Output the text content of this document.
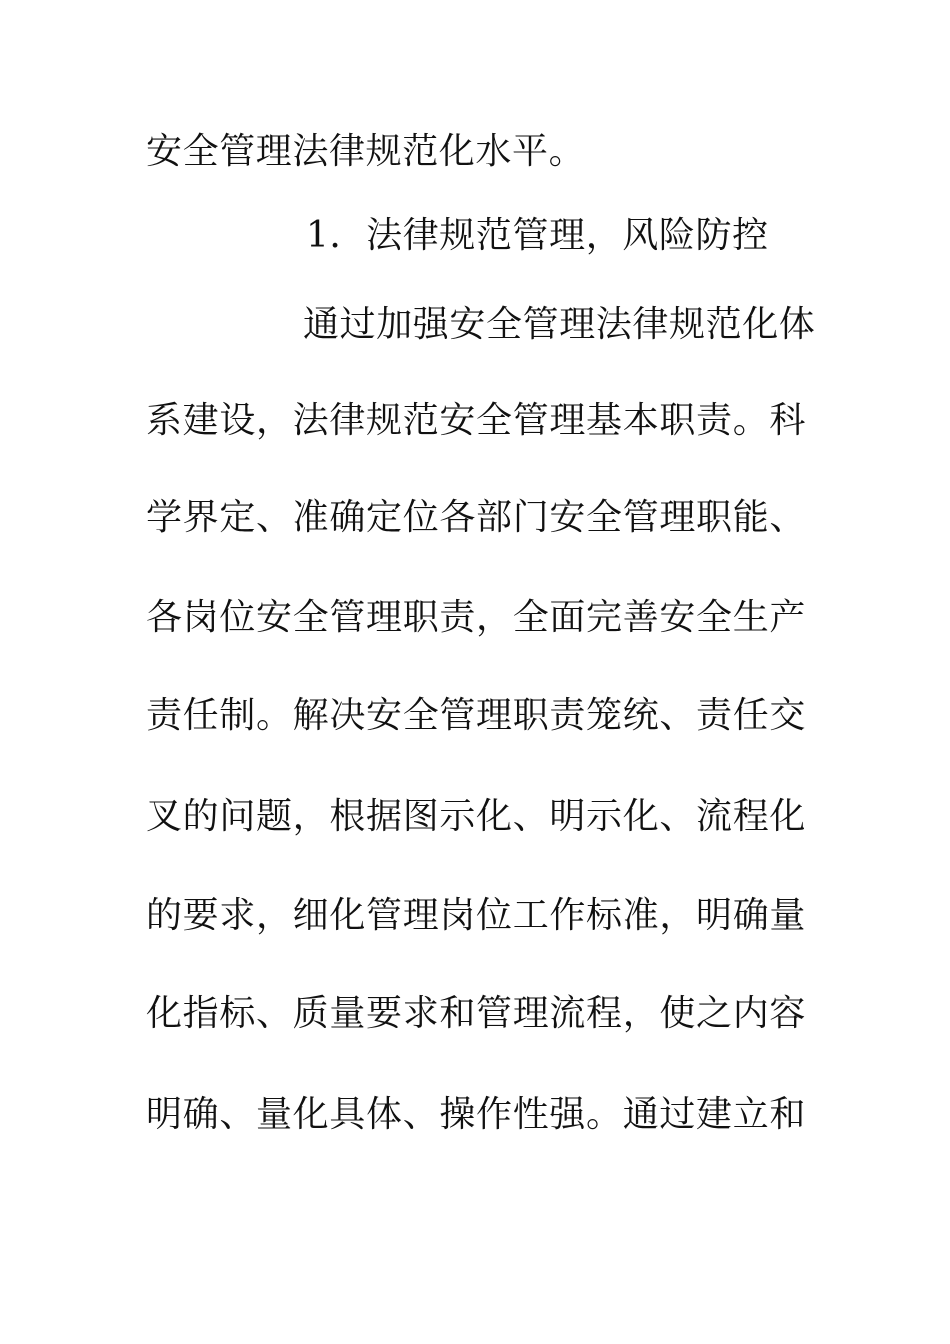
安全管理法律规范化水平。
1．法律规范管理，风险防控
通过加强安全管理法律规范化体
系建设，法律规范安全管理基本职责。科
学界定、准确定位各部门安全管理职能、
各岗位安全管理职责，全面完善安全生产
责任制。解决安全管理职责笼统、责任交
叉的问题，根据图示化、明示化、流程化
的要求，细化管理岗位工作标准，明确量
化指标、质量要求和管理流程，使之内容
明确、量化具体、操作性强。通过建立和
